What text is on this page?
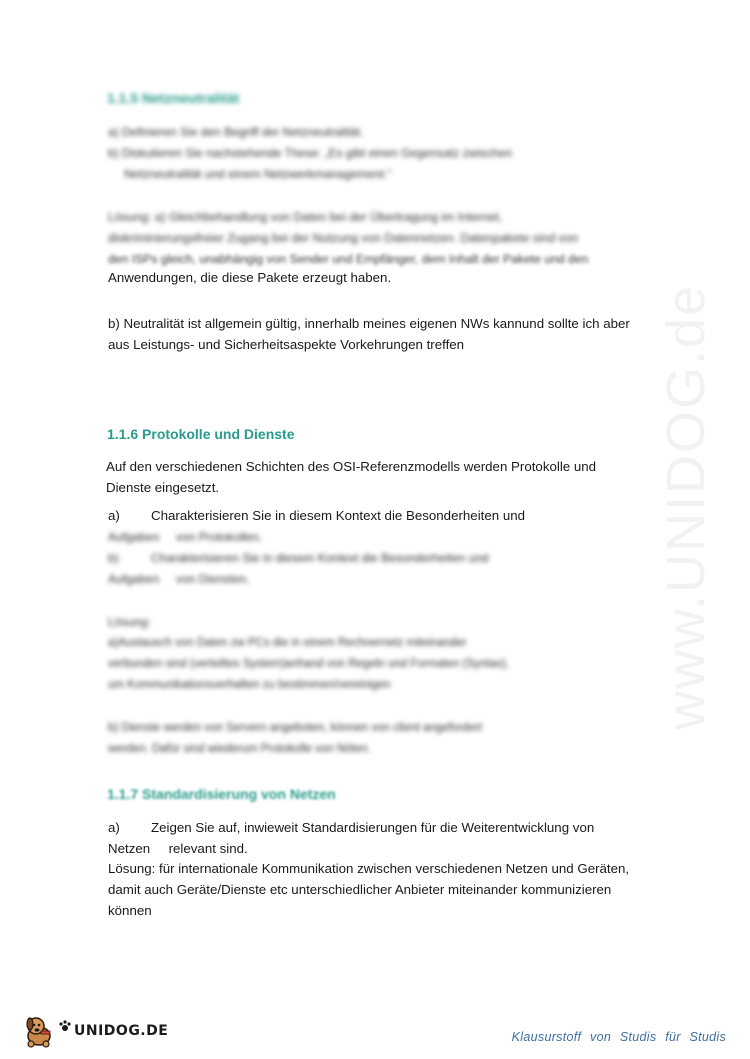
www.UNIDOG.de
1.1.5 Netzneutralität
a) Definieren Sie den Begriff der Netzneutralität.
b) Diskutieren Sie nachstehende These: „Es gibt einen Gegensatz zwischen
Netzneutralität und einem Netzwerkmanagement.“
Lösung: a) Gleichbehandlung von Daten bei der Übertragung im Internet,
diskriminierungsfreier Zugang bei der Nutzung von Datennetzen. Datenpakete sind von
den ISPs gleich, unabhängig von Sender und Empfänger, dem Inhalt der Pakete und den
Anwendungen, die diese Pakete erzeugt haben.
b) Neutralität ist allgemein gültig, innerhalb meines eigenen NWs kannund sollte ich aber
aus Leistungs- und Sicherheitsaspekte Vorkehrungen treffen
1.1.6 Protokolle und Dienste
Auf den verschiedenen Schichten des OSI-Referenzmodells werden Protokolle und
Dienste eingesetzt.
a) Charakterisieren Sie in diesem Kontext die Besonderheiten und
Aufgaben     von Protokollen.
b)	Charakterisieren Sie in diesem Kontext die Besonderheiten und
Aufgaben     von Diensten.
Lösung:
a)Austausch von Daten zw PCs die in einem Rechnernetz miteinander
verbunden sind (verteiltes System)anhand von Regeln und Formaten (Syntax),
um Kommunikationsverhalten zu bestimmen/vereinigen
b) Dienste werden von Servern angeboten, können von client angefordert
werden. Dafür sind wiederum Protokolle von Nöten.
1.1.7 Standardisierung von Netzen
a) Zeigen Sie auf, inwieweit Standardisierungen für die Weiterentwicklung von
Netzen     relevant sind.
Lösung: für internationale Kommunikation zwischen verschiedenen Netzen und Geräten,
damit auch Geräte/Dienste etc unterschiedlicher Anbieter miteinander kommunizieren
können
UNIDOG.DE	Klausurstoff von Studis für Studis
